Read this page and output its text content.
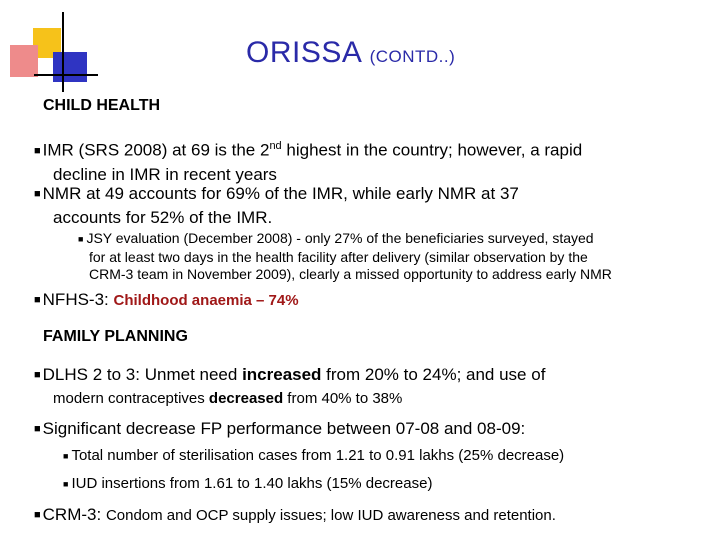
ORISSA (CONTD..)
CHILD HEALTH
■ IMR (SRS 2008) at 69 is the 2nd highest in the country; however, a rapid
decline in IMR in recent years
■ NMR at 49 accounts for 69% of the IMR, while early NMR at 37
accounts for 52% of the IMR.
■ JSY evaluation (December 2008) - only 27% of the beneficiaries surveyed, stayed
for at least two days in the health facility after delivery (similar observation by the
CRM-3 team in November 2009), clearly a missed opportunity to address early NMR
■ NFHS-3: Childhood anaemia – 74%
FAMILY PLANNING
■ DLHS 2 to 3: Unmet need increased from 20% to 24%; and use of
modern contraceptives decreased from 40% to 38%
■ Significant decrease FP performance between 07-08 and 08-09:
■ Total number of sterilisation cases from 1.21 to 0.91 lakhs (25% decrease)
■ IUD insertions from 1.61 to 1.40 lakhs (15% decrease)
■ CRM-3: Condom and OCP supply issues; low IUD awareness and retention.
